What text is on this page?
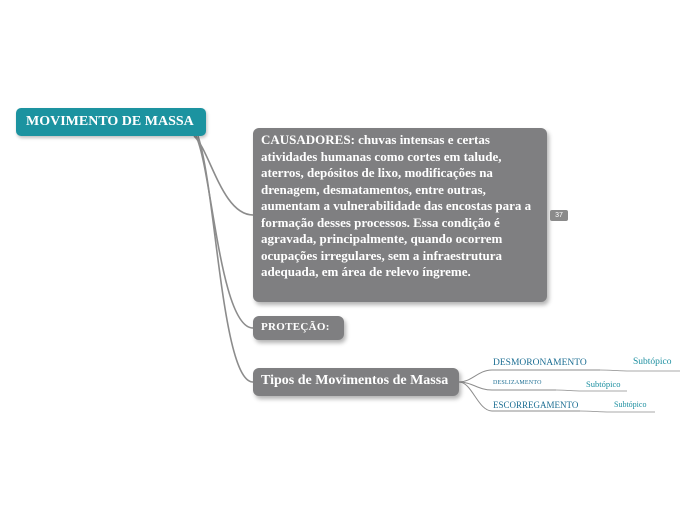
MOVIMENTO DE MASSA
CAUSADORES: chuvas intensas e certas atividades humanas como cortes em talude, aterros, depósitos de lixo, modificações na drenagem, desmatamentos, entre outras, aumentam a vulnerabilidade das encostas para a formação desses processos. Essa condição é agravada, principalmente, quando ocorrem ocupações irregulares, sem a infraestrutura adequada, em área de relevo íngreme.
37
PROTEÇÃO:
Tipos de Movimentos de Massa
DESMORONAMENTO	Subtópico
DESLIZAMENTO	Subtópico
ESCORREGAMENTO	Subtópico
